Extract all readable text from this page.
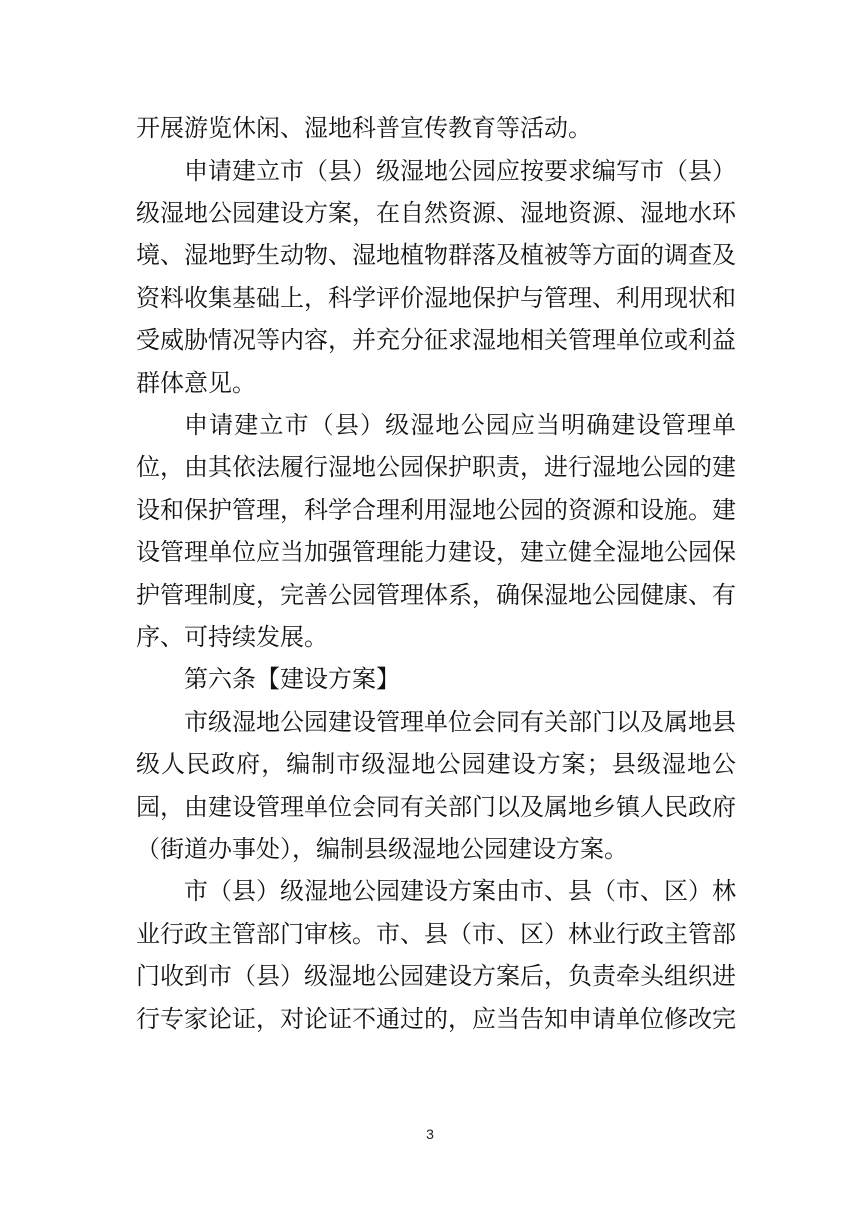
开展游览休闲、湿地科普宣传教育等活动。
申请建立市（县）级湿地公园应按要求编写市（县）
级湿地公园建设方案，在自然资源、湿地资源、湿地水环
境、湿地野生动物、湿地植物群落及植被等方面的调查及
资料收集基础上，科学评价湿地保护与管理、利用现状和
受威胁情况等内容，并充分征求湿地相关管理单位或利益
群体意见。
申请建立市（县）级湿地公园应当明确建设管理单
位，由其依法履行湿地公园保护职责，进行湿地公园的建
设和保护管理，科学合理利用湿地公园的资源和设施。建
设管理单位应当加强管理能力建设，建立健全湿地公园保
护管理制度，完善公园管理体系，确保湿地公园健康、有
序、可持续发展。
第六条【建设方案】
市级湿地公园建设管理单位会同有关部门以及属地县
级人民政府，编制市级湿地公园建设方案；县级湿地公
园，由建设管理单位会同有关部门以及属地乡镇人民政府
（街道办事处），编制县级湿地公园建设方案。
市（县）级湿地公园建设方案由市、县（市、区）林
业行政主管部门审核。市、县（市、区）林业行政主管部
门收到市（县）级湿地公园建设方案后，负责牵头组织进
行专家论证，对论证不通过的，应当告知申请单位修改完
3
